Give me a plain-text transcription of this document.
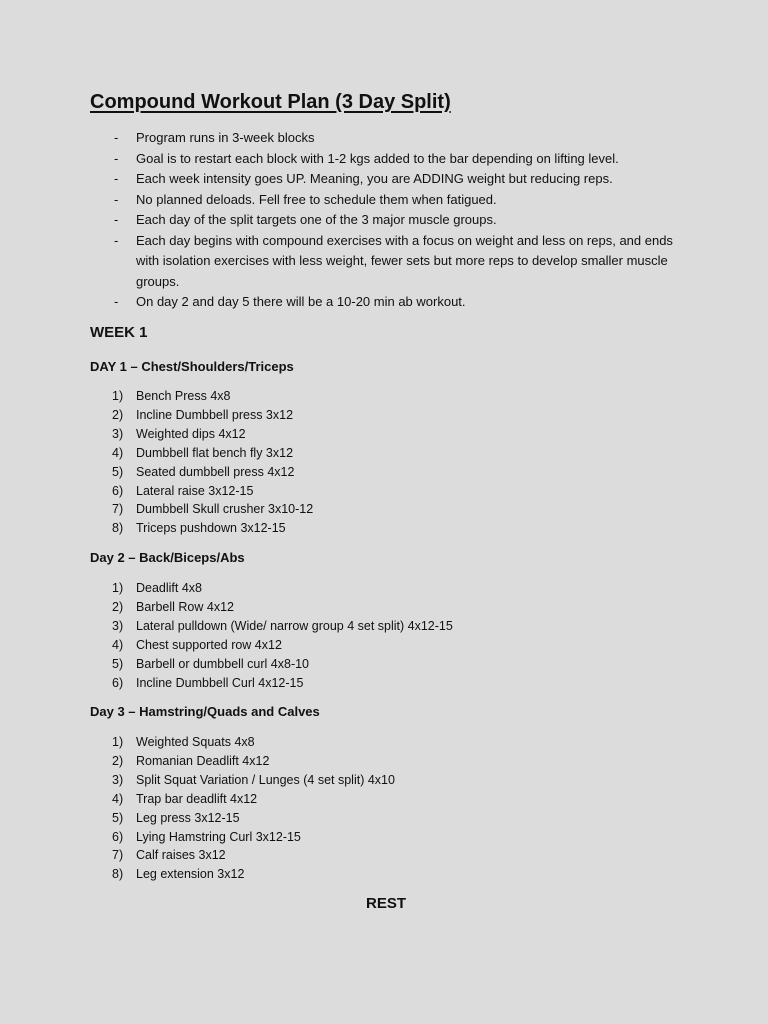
Compound Workout Plan (3 Day Split)
- Program runs in 3-week blocks
- Goal is to restart each block with 1-2 kgs added to the bar depending on lifting level.
- Each week intensity goes UP. Meaning, you are ADDING weight but reducing reps.
- No planned deloads. Fell free to schedule them when fatigued.
- Each day of the split targets one of the 3 major muscle groups.
- Each day begins with compound exercises with a focus on weight and less on reps, and ends with isolation exercises with less weight, fewer sets but more reps to develop smaller muscle groups.
- On day 2 and day 5 there will be a 10-20 min ab workout.
WEEK 1
DAY 1 – Chest/Shoulders/Triceps
1) Bench Press 4x8
2) Incline Dumbbell press 3x12
3) Weighted dips 4x12
4) Dumbbell flat bench fly 3x12
5) Seated dumbbell press 4x12
6) Lateral raise 3x12-15
7) Dumbbell Skull crusher 3x10-12
8) Triceps pushdown 3x12-15
Day 2 – Back/Biceps/Abs
1) Deadlift 4x8
2) Barbell Row 4x12
3) Lateral pulldown (Wide/ narrow group 4 set split) 4x12-15
4) Chest supported row 4x12
5) Barbell or dumbbell curl 4x8-10
6) Incline Dumbbell Curl 4x12-15
Day 3 – Hamstring/Quads and Calves
1) Weighted Squats 4x8
2) Romanian Deadlift 4x12
3) Split Squat Variation / Lunges (4 set split) 4x10
4) Trap bar deadlift 4x12
5) Leg press 3x12-15
6) Lying Hamstring Curl 3x12-15
7) Calf raises 3x12
8) Leg extension 3x12

REST
